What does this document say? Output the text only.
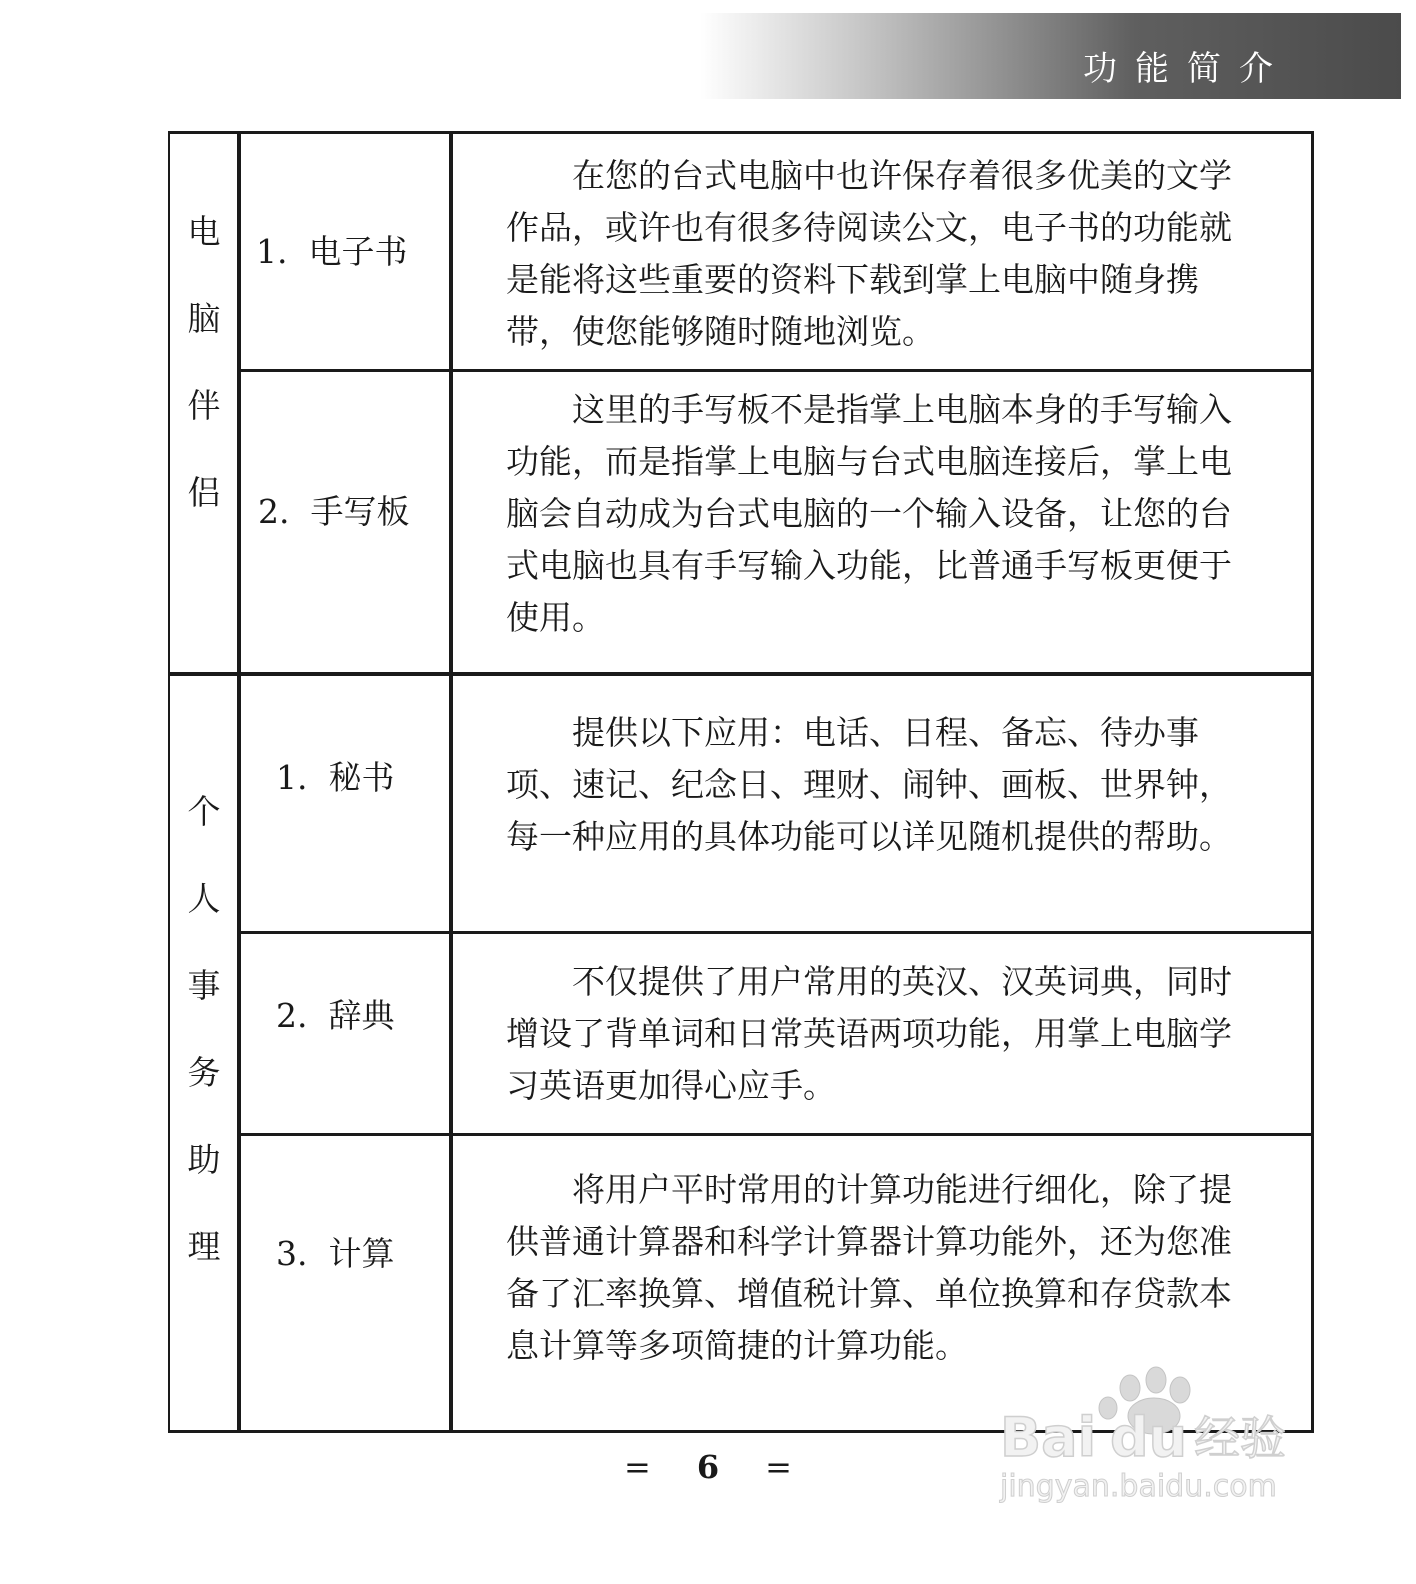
功能简介
电
脑
伴
侣
个
人
事
务
助
理
1.  电子书
在您的台式电脑中也许保存着很多优美的文学作品，或许也有很多待阅读公文，电子书的功能就是能将这些重要的资料下载到掌上电脑中随身携带，使您能够随时随地浏览。
2.  手写板
这里的手写板不是指掌上电脑本身的手写输入功能，而是指掌上电脑与台式电脑连接后，掌上电脑会自动成为台式电脑的一个输入设备，让您的台式电脑也具有手写输入功能，比普通手写板更便于使用。
1.  秘书
提供以下应用：电话、日程、备忘、待办事项、速记、纪念日、理财、闹钟、画板、世界钟，每一种应用的具体功能可以详见随机提供的帮助。
2.  辞典
不仅提供了用户常用的英汉、汉英词典，同时增设了背单词和日常英语两项功能，用掌上电脑学习英语更加得心应手。
3.  计算
将用户平时常用的计算功能进行细化，除了提供普通计算器和科学计算器计算功能外，还为您准备了汇率换算、增值税计算、单位换算和存贷款本息计算等多项简捷的计算功能。
= 6 =	Bai du 经验
jingyan.baidu.com
